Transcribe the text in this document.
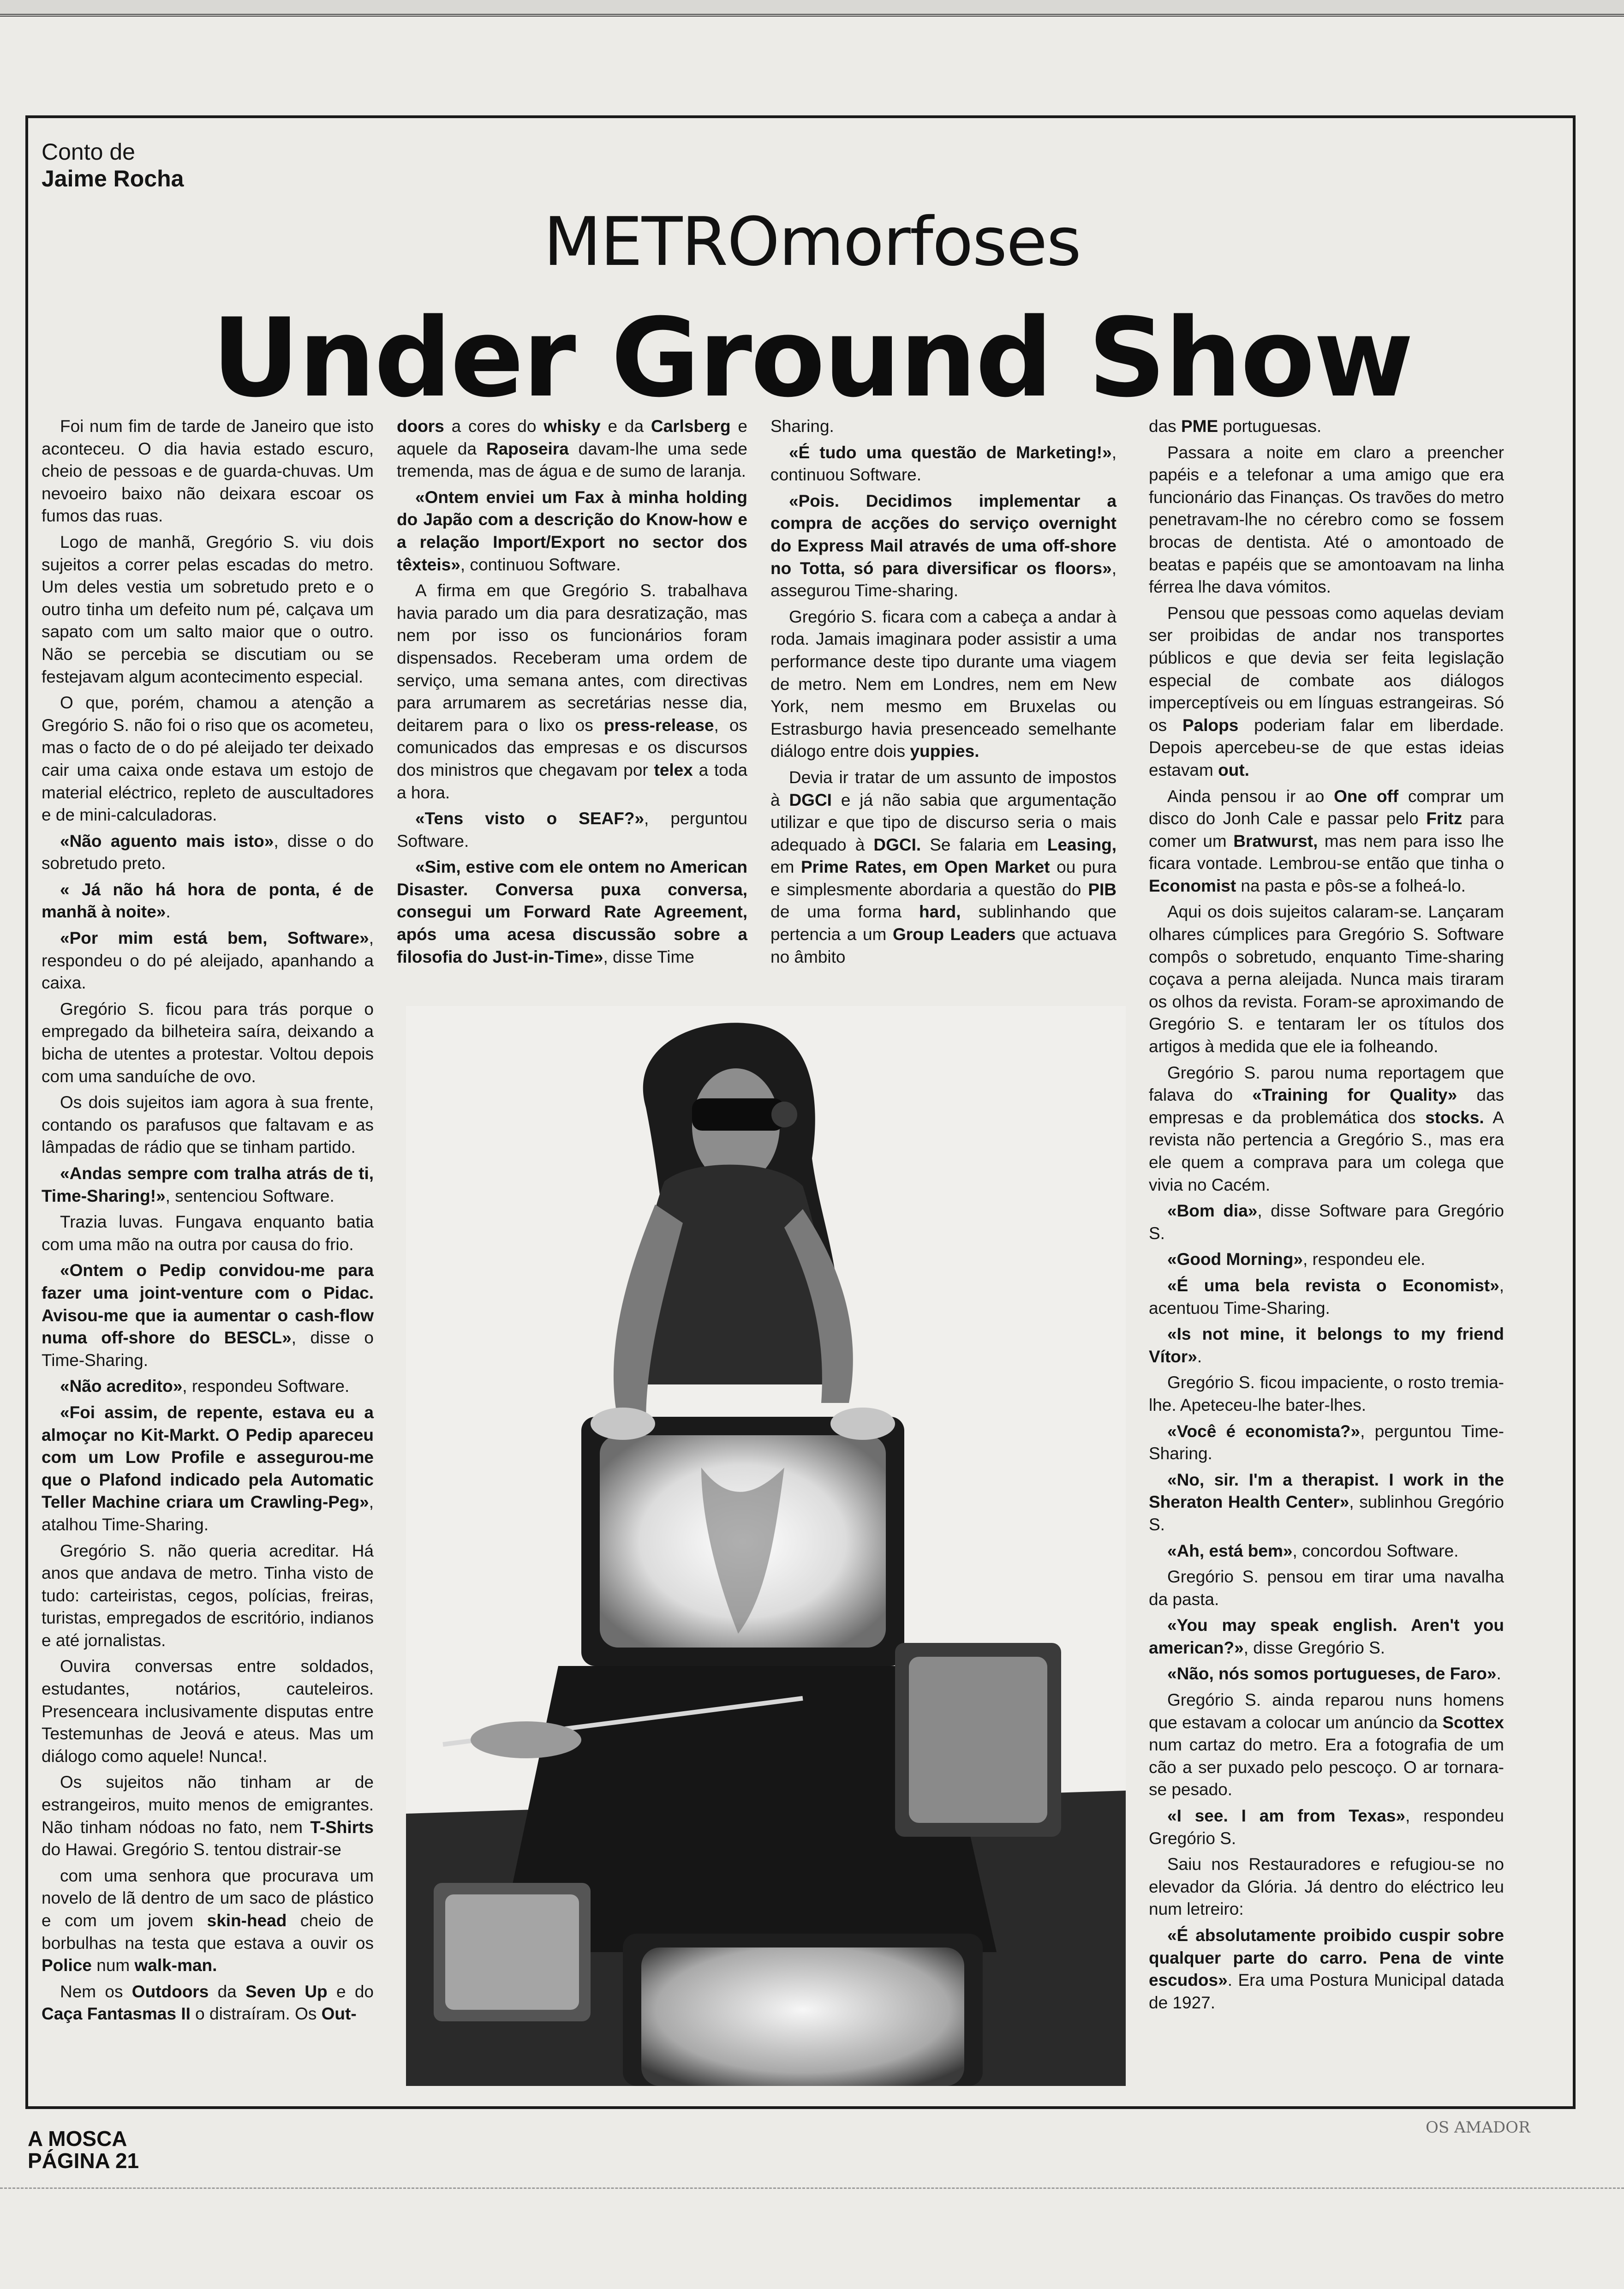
Conto de
Jaime Rocha
METROmorfoses
Under Ground Show

Foi num fim de tarde de Janeiro que isto aconteceu. O dia havia estado escuro, cheio de pessoas e de guarda-chuvas. Um nevoeiro baixo não deixara escoar os fumos das ruas.

Logo de manhã, Gregório S. viu dois sujeitos a correr pelas escadas do metro. Um deles vestia um sobretudo preto e o outro tinha um defeito num pé, calçava um sapato com um salto maior que o outro. Não se percebia se discutiam ou se festejavam algum acontecimento especial.

O que, porém, chamou a atenção a Gregório S. não foi o riso que os acometeu, mas o facto de o do pé aleijado ter deixado cair uma caixa onde estava um estojo de material eléctrico, repleto de auscultadores e de mini-calculadoras.

«Não aguento mais isto», disse o do sobretudo preto.

« Já não há hora de ponta, é de manhã à noite».

«Por mim está bem, Software», respondeu o do pé aleijado, apanhando a caixa.

Gregório S. ficou para trás porque o empregado da bilheteira saíra, deixando a bicha de utentes a protestar. Voltou depois com uma sanduíche de ovo.

Os dois sujeitos iam agora à sua frente, contando os parafusos que faltavam e as lâmpadas de rádio que se tinham partido.

«Andas sempre com tralha atrás de ti, Time-Sharing!», sentenciou Software.

Trazia luvas. Fungava enquanto batia com uma mão na outra por causa do frio.

«Ontem o Pedip convidou-me para fazer uma joint-venture com o Pidac. Avisou-me que ia aumentar o cash-flow numa off-shore do BESCL», disse o Time-Sharing.

«Não acredito», respondeu Software.

«Foi assim, de repente, estava eu a almoçar no Kit-Markt. O Pedip apareceu com um Low Profile e assegurou-me que o Plafond indicado pela Automatic Teller Machine criara um Crawling-Peg», atalhou Time-Sharing.

Gregório S. não queria acreditar. Há anos que andava de metro. Tinha visto de tudo: carteiristas, cegos, polícias, freiras, turistas, empregados de escritório, indianos e até jornalistas.

Ouvira conversas entre soldados, estudantes, notários, cauteleiros. Presenceara inclusivamente disputas entre Testemunhas de Jeová e ateus. Mas um diálogo como aquele! Nunca!.

Os sujeitos não tinham ar de estrangeiros, muito menos de emigrantes. Não tinham nódoas no fato, nem T-Shirts do Hawai. Gregório S. tentou distrair-se

com uma senhora que procurava um novelo de lã dentro de um saco de plástico e com um jovem skin-head cheio de borbulhas na testa que estava a ouvir os Police num walk-man.

Nem os Outdoors da Seven Up e do Caça Fantasmas II o distraíram. Os Out-

doors a cores do whisky e da Carlsberg e aquele da Raposeira davam-lhe uma sede tremenda, mas de água e de sumo de laranja.

«Ontem enviei um Fax à minha holding do Japão com a descrição do Know-how e a relação Import/Export no sector dos têxteis», continuou Software.

A firma em que Gregório S. trabalhava havia parado um dia para desratização, mas nem por isso os funcionários foram dispensados. Receberam uma ordem de serviço, uma semana antes, com directivas para arrumarem as secretárias nesse dia, deitarem para o lixo os press-release, os comunicados das empresas e os discursos dos ministros que chegavam por telex a toda a hora.

«Tens visto o SEAF?», perguntou Software.

«Sim, estive com ele ontem no American Disaster. Conversa puxa conversa, consegui um Forward Rate Agreement, após uma acesa discussão sobre a filosofia do Just-in-Time», disse Time

Sharing.

«É tudo uma questão de Marketing!», continuou Software.

«Pois. Decidimos implementar a compra de acções do serviço overnight do Express Mail através de uma off-shore no Totta, só para diversificar os floors», assegurou Time-sharing.

Gregório S. ficara com a cabeça a andar à roda. Jamais imaginara poder assistir a uma performance deste tipo durante uma viagem de metro. Nem em Londres, nem em New York, nem mesmo em Bruxelas ou Estrasburgo havia presenceado semelhante diálogo entre dois yuppies.

Devia ir tratar de um assunto de impostos à DGCI e já não sabia que argumentação utilizar e que tipo de discurso seria o mais adequado à DGCI. Se falaria em Leasing, em Prime Rates, em Open Market ou pura e simplesmente abordaria a questão do PIB de uma forma hard, sublinhando que pertencia a um Group Leaders que actuava no âmbito

das PME portuguesas.

Passara a noite em claro a preencher papéis e a telefonar a uma amigo que era funcionário das Finanças. Os travões do metro penetravam-lhe no cérebro como se fossem brocas de dentista. Até o amontoado de beatas e papéis que se amontoavam na linha férrea lhe dava vómitos.

Pensou que pessoas como aquelas deviam ser proibidas de andar nos transportes públicos e que devia ser feita legislação especial de combate aos diálogos imperceptíveis ou em línguas estrangeiras. Só os Palops poderiam falar em liberdade. Depois apercebeu-se de que estas ideias estavam out.

Ainda pensou ir ao One off comprar um disco do Jonh Cale e passar pelo Fritz para comer um Bratwurst, mas nem para isso lhe ficara vontade. Lembrou-se então que tinha o Economist na pasta e pôs-se a folheá-lo.

Aqui os dois sujeitos calaram-se. Lançaram olhares cúmplices para Gregório S. Software compôs o sobretudo, enquanto Time-sharing coçava a perna aleijada. Nunca mais tiraram os olhos da revista. Foram-se aproximando de Gregório S. e tentaram ler os títulos dos artigos à medida que ele ia folheando.

Gregório S. parou numa reportagem que falava do «Training for Quality» das empresas e da problemática dos stocks. A revista não pertencia a Gregório S., mas era ele quem a comprava para um colega que vivia no Cacém.

«Bom dia», disse Software para Gregório S.

«Good Morning», respondeu ele.

«É uma bela revista o Economist», acentuou Time-Sharing.

«Is not mine, it belongs to my friend Vítor».

Gregório S. ficou impaciente, o rosto tremia-lhe. Apeteceu-lhe bater-lhes.

«Você é economista?», perguntou Time-Sharing.

«No, sir. I'm a therapist. I work in the Sheraton Health Center», sublinhou Gregório S.

«Ah, está bem», concordou Software.

Gregório S. pensou em tirar uma navalha da pasta.

«You may speak english. Aren't you american?», disse Gregório S.

«Não, nós somos portugueses, de Faro».

Gregório S. ainda reparou nuns homens que estavam a colocar um anúncio da Scottex num cartaz do metro. Era a fotografia de um cão a ser puxado pelo pescoço. O ar tornara-se pesado.

«I see. I am from Texas», respondeu Gregório S.

Saiu nos Restauradores e refugiou-se no elevador da Glória. Já dentro do eléctrico leu num letreiro:

«É absolutamente proibido cuspir sobre qualquer parte do carro. Pena de vinte escudos». Era uma Postura Municipal datada de 1927.

A MOSCA
PÁGINA 21
OS AMADOR
